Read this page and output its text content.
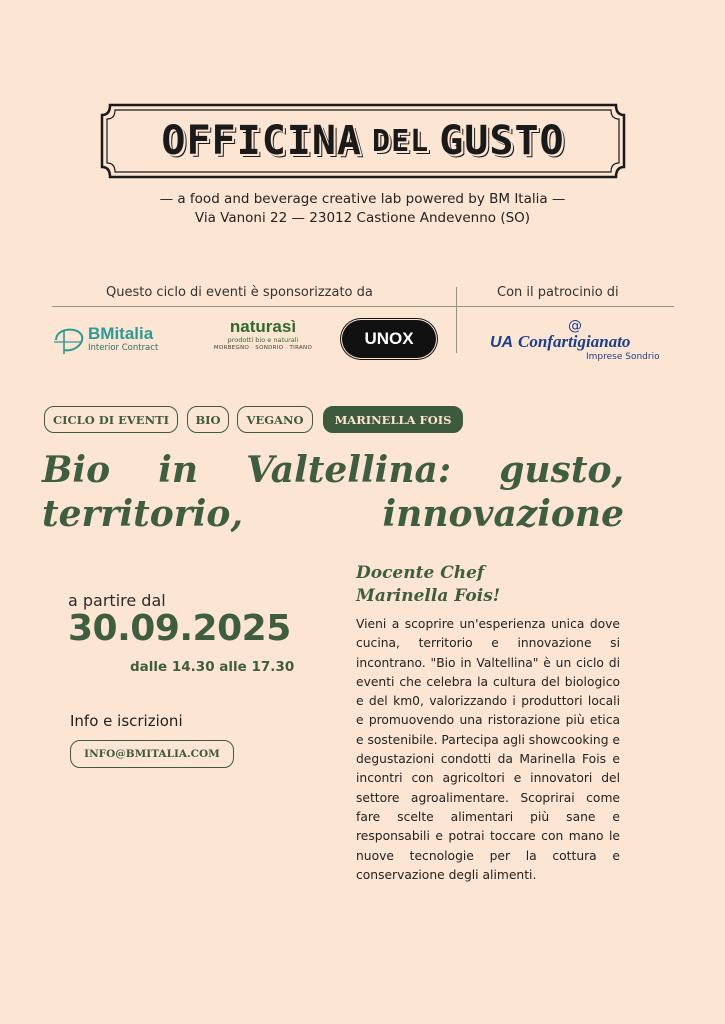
OFFICINA DEL GUSTO
— a food and beverage creative lab powered by BM Italia —
Via Vanoni 22 — 23012 Castione Andevenno (SO)
Questo ciclo di eventi è sponsorizzato da	Con il patrocinio di
BMitalia
Interior Contract
naturasì
prodotti bio e naturali
MORBEGNO · SONDRIO · TIRANO	UNOX
@
UA Confartigianato
Imprese Sondrio
CICLO DI EVENTI	BIO	VEGANO	MARINELLA FOIS
Bio in Valtellina: gusto, territorio, innovazione
a partire dal
30.09.2025
dalle 14.30 alle 17.30
Info e iscrizioni
INFO@BMITALIA.COM
Docente Chef
Marinella Fois!
Vieni a scoprire un'esperienza unica dove cucina, territorio e innovazione si incontrano. "Bio in Valtellina" è un ciclo di eventi che celebra la cultura del biologico e del km0, valorizzando i produttori locali e promuovendo una ristorazione più etica e sostenibile. Partecipa agli showcooking e degustazioni condotti da Marinella Fois e incontri con agricoltori e innovatori del settore agroalimentare. Scoprirai come fare scelte alimentari più sane e responsabili e potrai toccare con mano le nuove tecnologie per la cottura e conservazione degli alimenti.
